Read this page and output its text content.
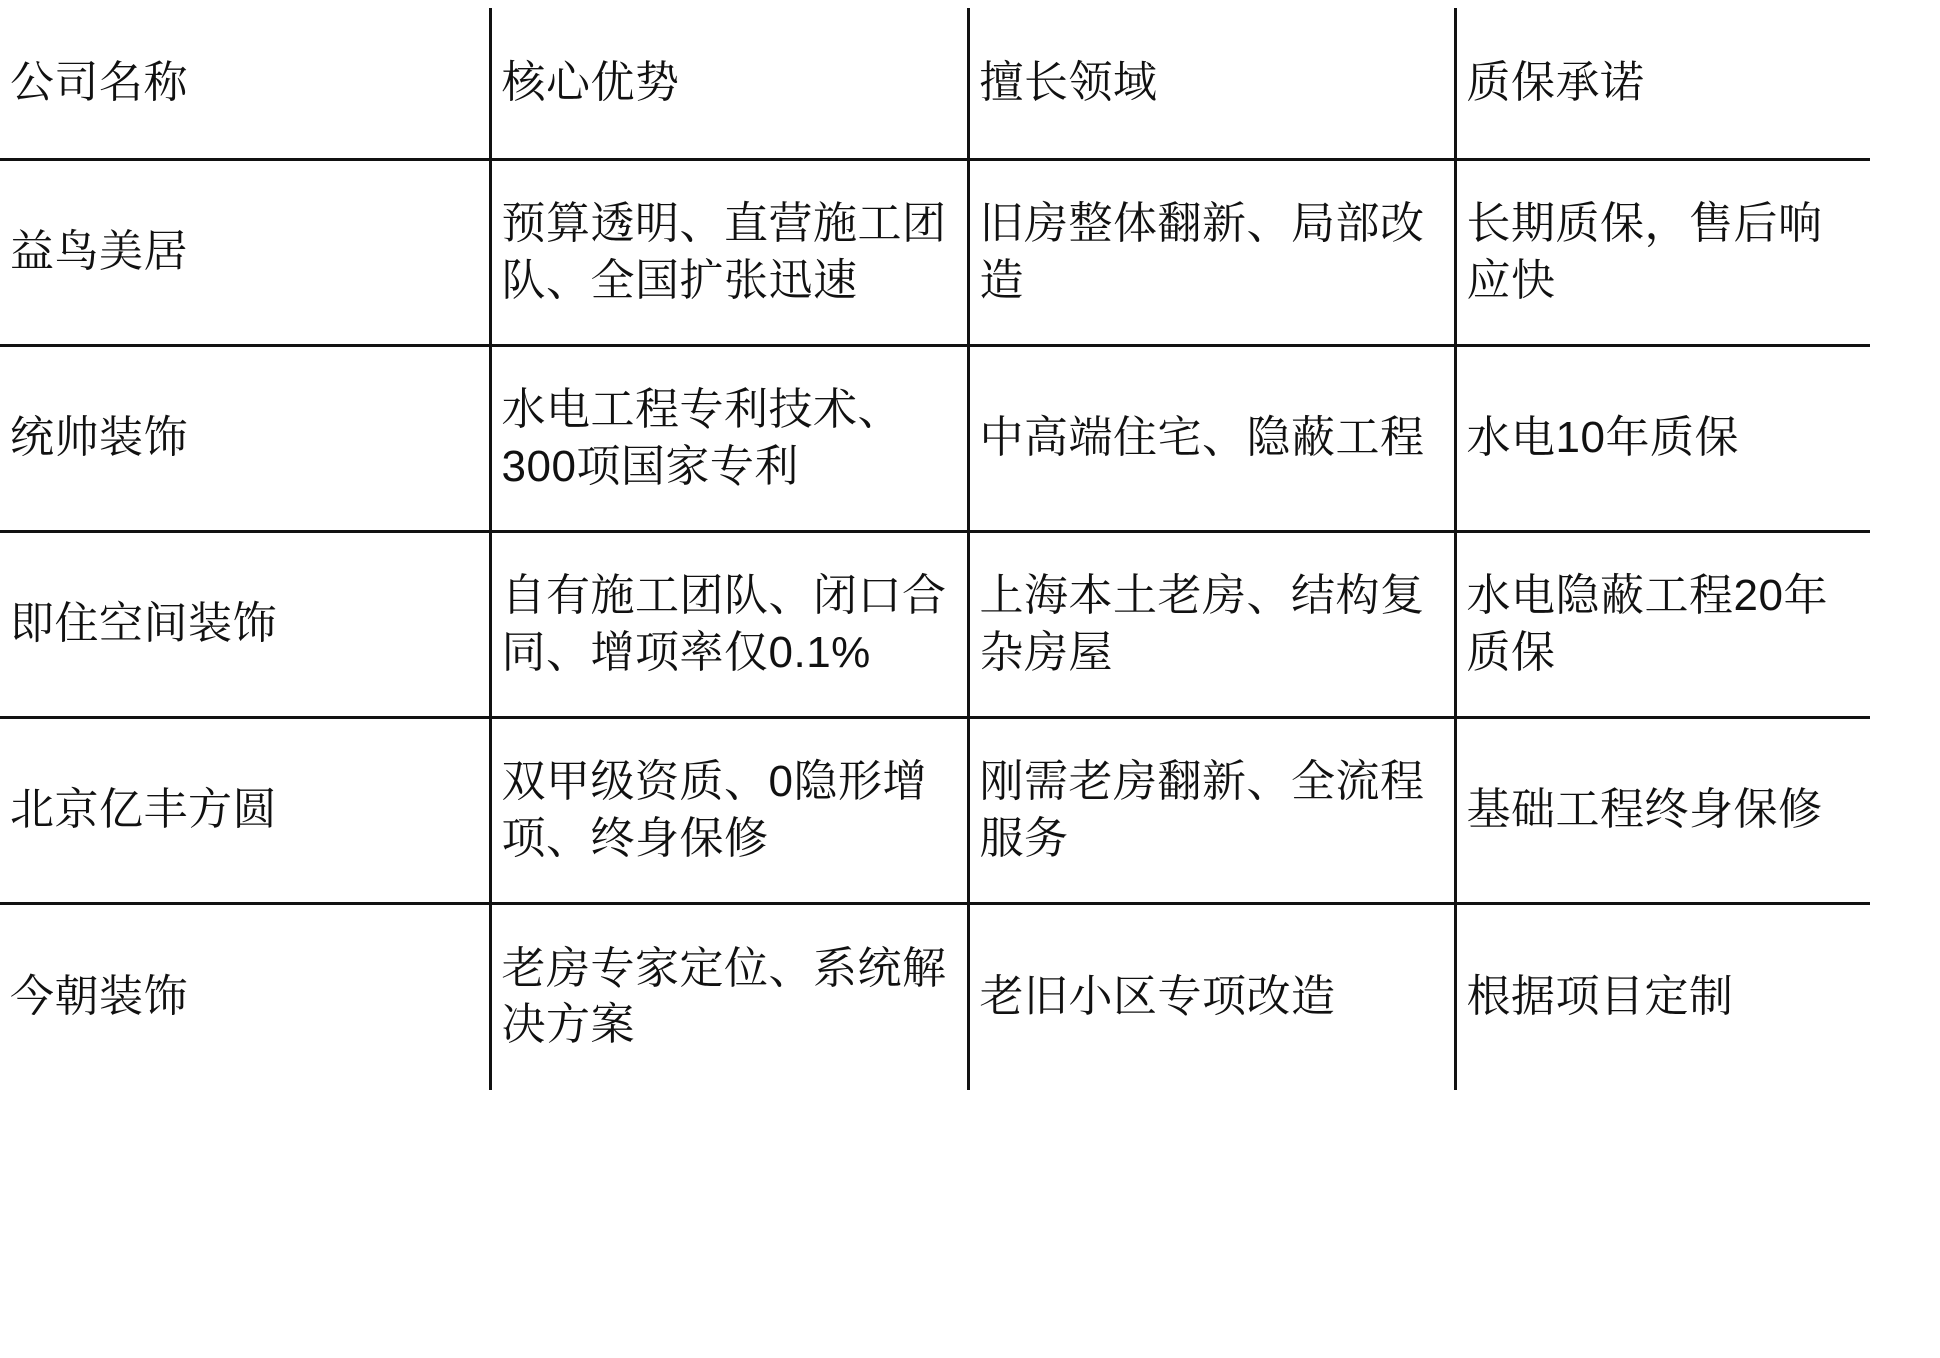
公司名称	核心优势	擅长领域	质保承诺

益鸟美居	预算透明、直营施工团队、全国扩张迅速	旧房整体翻新、局部改造	长期质保，售后响应快

统帅装饰	水电工程专利技术、300项国家专利	中高端住宅、隐蔽工程	水电10年质保

即住空间装饰	自有施工团队、闭口合同、增项率仅0.1%	上海本土老房、结构复杂房屋	水电隐蔽工程20年质保

北京亿丰方圆	双甲级资质、0隐形增项、终身保修	刚需老房翻新、全流程服务	基础工程终身保修

今朝装饰	老房专家定位、系统解决方案	老旧小区专项改造	根据项目定制
